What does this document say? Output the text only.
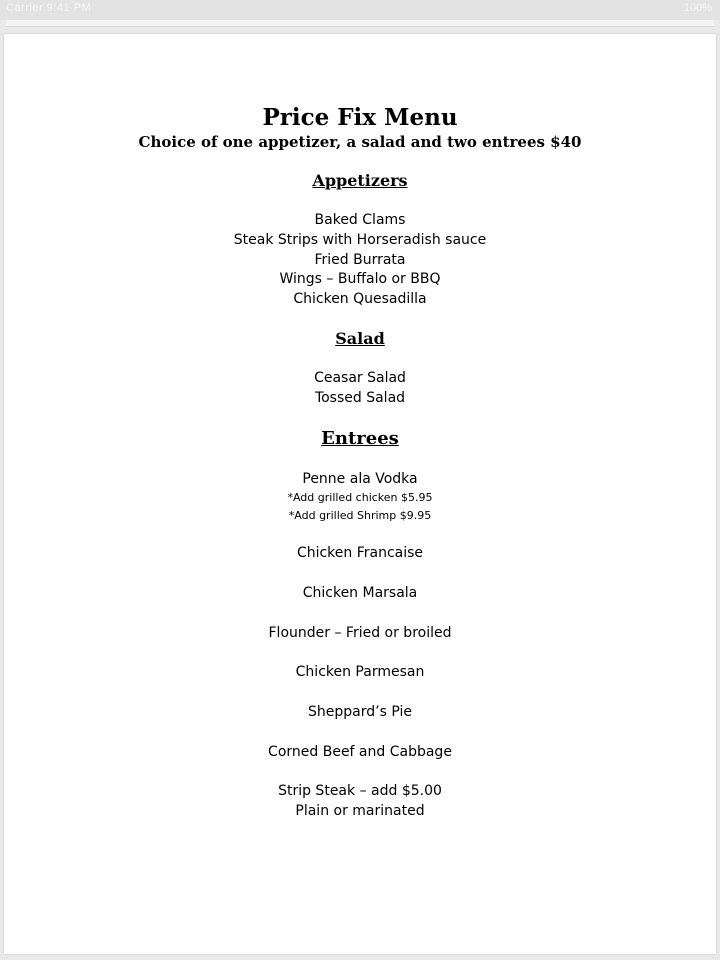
Carrier 9:41 PM	100%
Price Fix Menu
Choice of one appetizer, a salad and two entrees $40
Appetizers
Baked Clams
Steak Strips with Horseradish sauce
Fried Burrata
Wings – Buffalo or BBQ
Chicken Quesadilla
Salad
Ceasar Salad
Tossed Salad
Entrees
Penne ala Vodka
*Add grilled chicken $5.95
*Add grilled Shrimp $9.95
Chicken Francaise
Chicken Marsala
Flounder – Fried or broiled
Chicken Parmesan
Sheppard’s Pie
Corned Beef and Cabbage
Strip Steak – add $5.00
Plain or marinated
